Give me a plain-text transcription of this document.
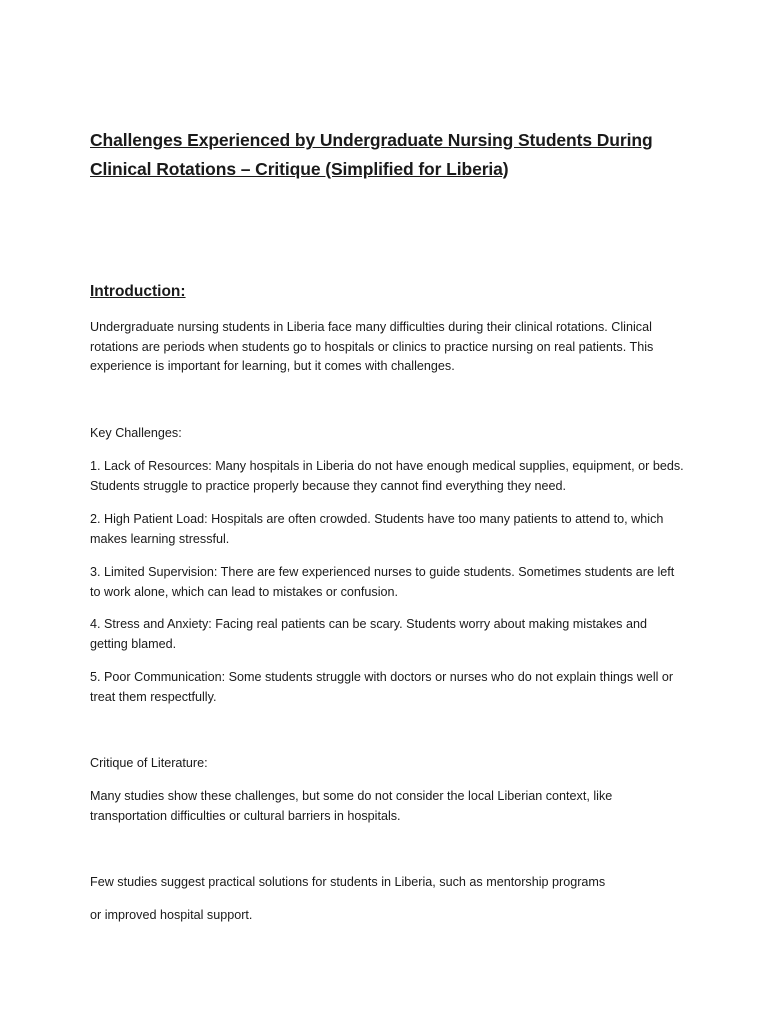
Challenges Experienced by Undergraduate Nursing Students During Clinical Rotations – Critique (Simplified for Liberia)
Introduction:
Undergraduate nursing students in Liberia face many difficulties during their clinical rotations. Clinical rotations are periods when students go to hospitals or clinics to practice nursing on real patients. This experience is important for learning, but it comes with challenges.
Key Challenges:
1. Lack of Resources: Many hospitals in Liberia do not have enough medical supplies, equipment, or beds. Students struggle to practice properly because they cannot find everything they need.
2. High Patient Load: Hospitals are often crowded. Students have too many patients to attend to, which makes learning stressful.
3. Limited Supervision: There are few experienced nurses to guide students. Sometimes students are left to work alone, which can lead to mistakes or confusion.
4. Stress and Anxiety: Facing real patients can be scary. Students worry about making mistakes and getting blamed.
5. Poor Communication: Some students struggle with doctors or nurses who do not explain things well or treat them respectfully.
Critique of Literature:
Many studies show these challenges, but some do not consider the local Liberian context, like transportation difficulties or cultural barriers in hospitals.
Few studies suggest practical solutions for students in Liberia, such as mentorship programs
or improved hospital support.
